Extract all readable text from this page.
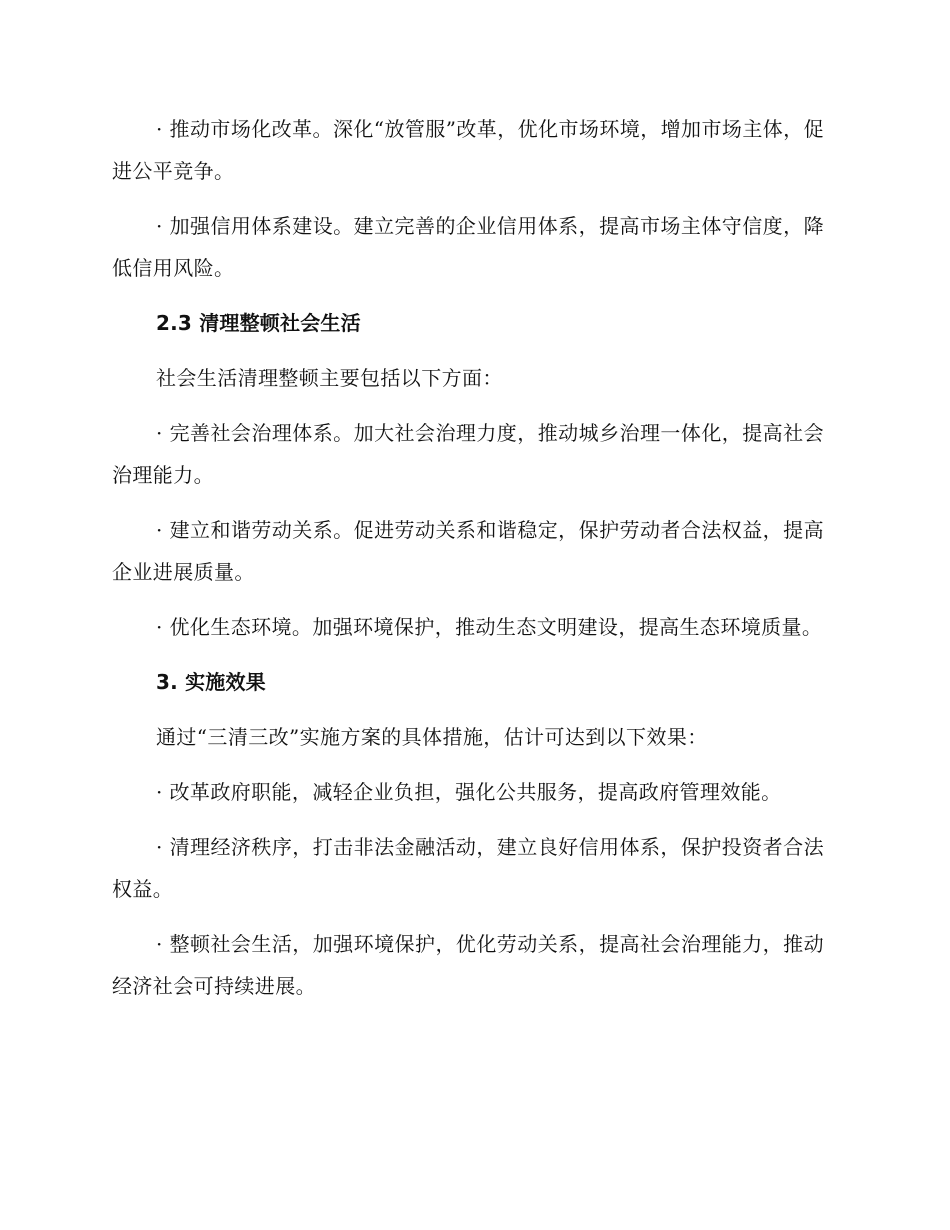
· 推动市场化改革。深化“放管服”改革，优化市场环境，增加市场主体，促进公平竞争。

· 加强信用体系建设。建立完善的企业信用体系，提高市场主体守信度，降低信用风险。

2.3 清理整顿社会生活

社会生活清理整顿主要包括以下方面：

· 完善社会治理体系。加大社会治理力度，推动城乡治理一体化，提高社会治理能力。

· 建立和谐劳动关系。促进劳动关系和谐稳定，保护劳动者合法权益，提高企业进展质量。

· 优化生态环境。加强环境保护，推动生态文明建设，提高生态环境质量。

3. 实施效果

通过“三清三改”实施方案的具体措施，估计可达到以下效果：

· 改革政府职能，减轻企业负担，强化公共服务，提高政府管理效能。

· 清理经济秩序，打击非法金融活动，建立良好信用体系，保护投资者合法权益。

· 整顿社会生活，加强环境保护，优化劳动关系，提高社会治理能力，推动经济社会可持续进展。
